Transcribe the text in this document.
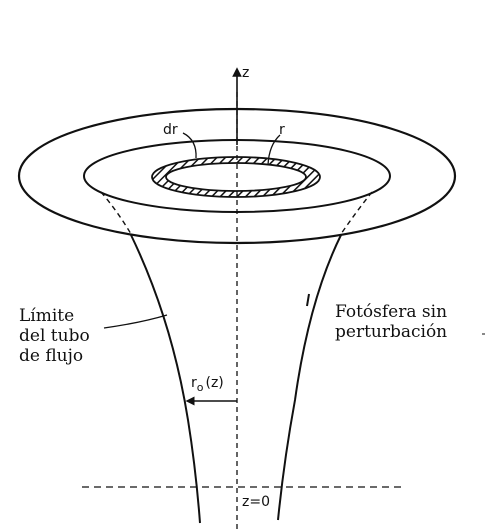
z
dr	r
$r_o$ (z)
z=0
Límite
del tubo
de flujo
Fotósfera sin
perturbación
